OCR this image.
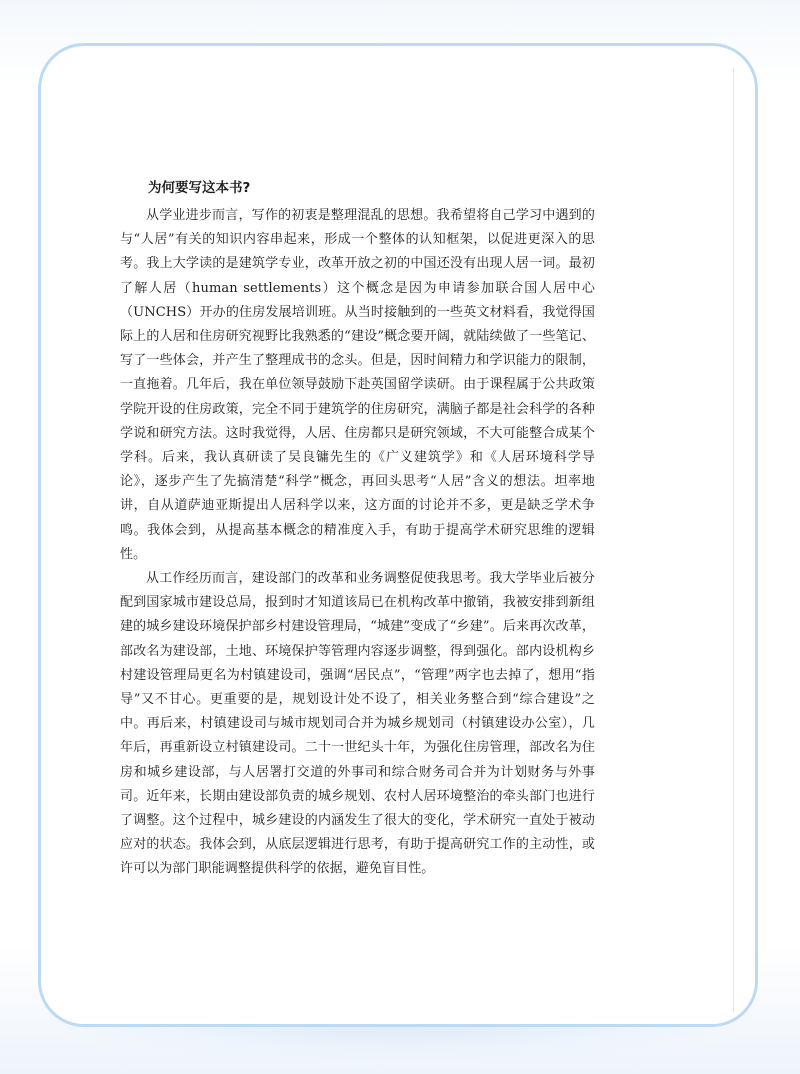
为何要写这本书?

从学业进步而言，写作的初衷是整理混乱的思想。我希望将自己学习中遇到的与“人居”有关的知识内容串起来，形成一个整体的认知框架，以促进更深入的思考。我上大学读的是建筑学专业，改革开放之初的中国还没有出现人居一词。最初了解人居（human settlements）这个概念是因为申请参加联合国人居中心（UNCHS）开办的住房发展培训班。从当时接触到的一些英文材料看，我觉得国际上的人居和住房研究视野比我熟悉的“建设”概念要开阔，就陆续做了一些笔记、写了一些体会，并产生了整理成书的念头。但是，因时间精力和学识能力的限制，一直拖着。几年后，我在单位领导鼓励下赴英国留学读研。由于课程属于公共政策学院开设的住房政策，完全不同于建筑学的住房研究，满脑子都是社会科学的各种学说和研究方法。这时我觉得，人居、住房都只是研究领域，不大可能整合成某个学科。后来，我认真研读了吴良镛先生的《广义建筑学》和《人居环境科学导论》，逐步产生了先搞清楚“科学”概念，再回头思考“人居”含义的想法。坦率地讲，自从道萨迪亚斯提出人居科学以来，这方面的讨论并不多，更是缺乏学术争鸣。我体会到，从提高基本概念的精准度入手，有助于提高学术研究思维的逻辑性。

从工作经历而言，建设部门的改革和业务调整促使我思考。我大学毕业后被分配到国家城市建设总局，报到时才知道该局已在机构改革中撤销，我被安排到新组建的城乡建设环境保护部乡村建设管理局，“城建”变成了“乡建”。后来再次改革，部改名为建设部，土地、环境保护等管理内容逐步调整，得到强化。部内设机构乡村建设管理局更名为村镇建设司，强调“居民点”，“管理”两字也去掉了，想用“指导”又不甘心。更重要的是，规划设计处不设了，相关业务整合到“综合建设”之中。再后来，村镇建设司与城市规划司合并为城乡规划司（村镇建设办公室），几年后，再重新设立村镇建设司。二十一世纪头十年，为强化住房管理，部改名为住房和城乡建设部，与人居署打交道的外事司和综合财务司合并为计划财务与外事司。近年来，长期由建设部负责的城乡规划、农村人居环境整治的牵头部门也进行了调整。这个过程中，城乡建设的内涵发生了很大的变化，学术研究一直处于被动应对的状态。我体会到，从底层逻辑进行思考，有助于提高研究工作的主动性，或许可以为部门职能调整提供科学的依据，避免盲目性。
